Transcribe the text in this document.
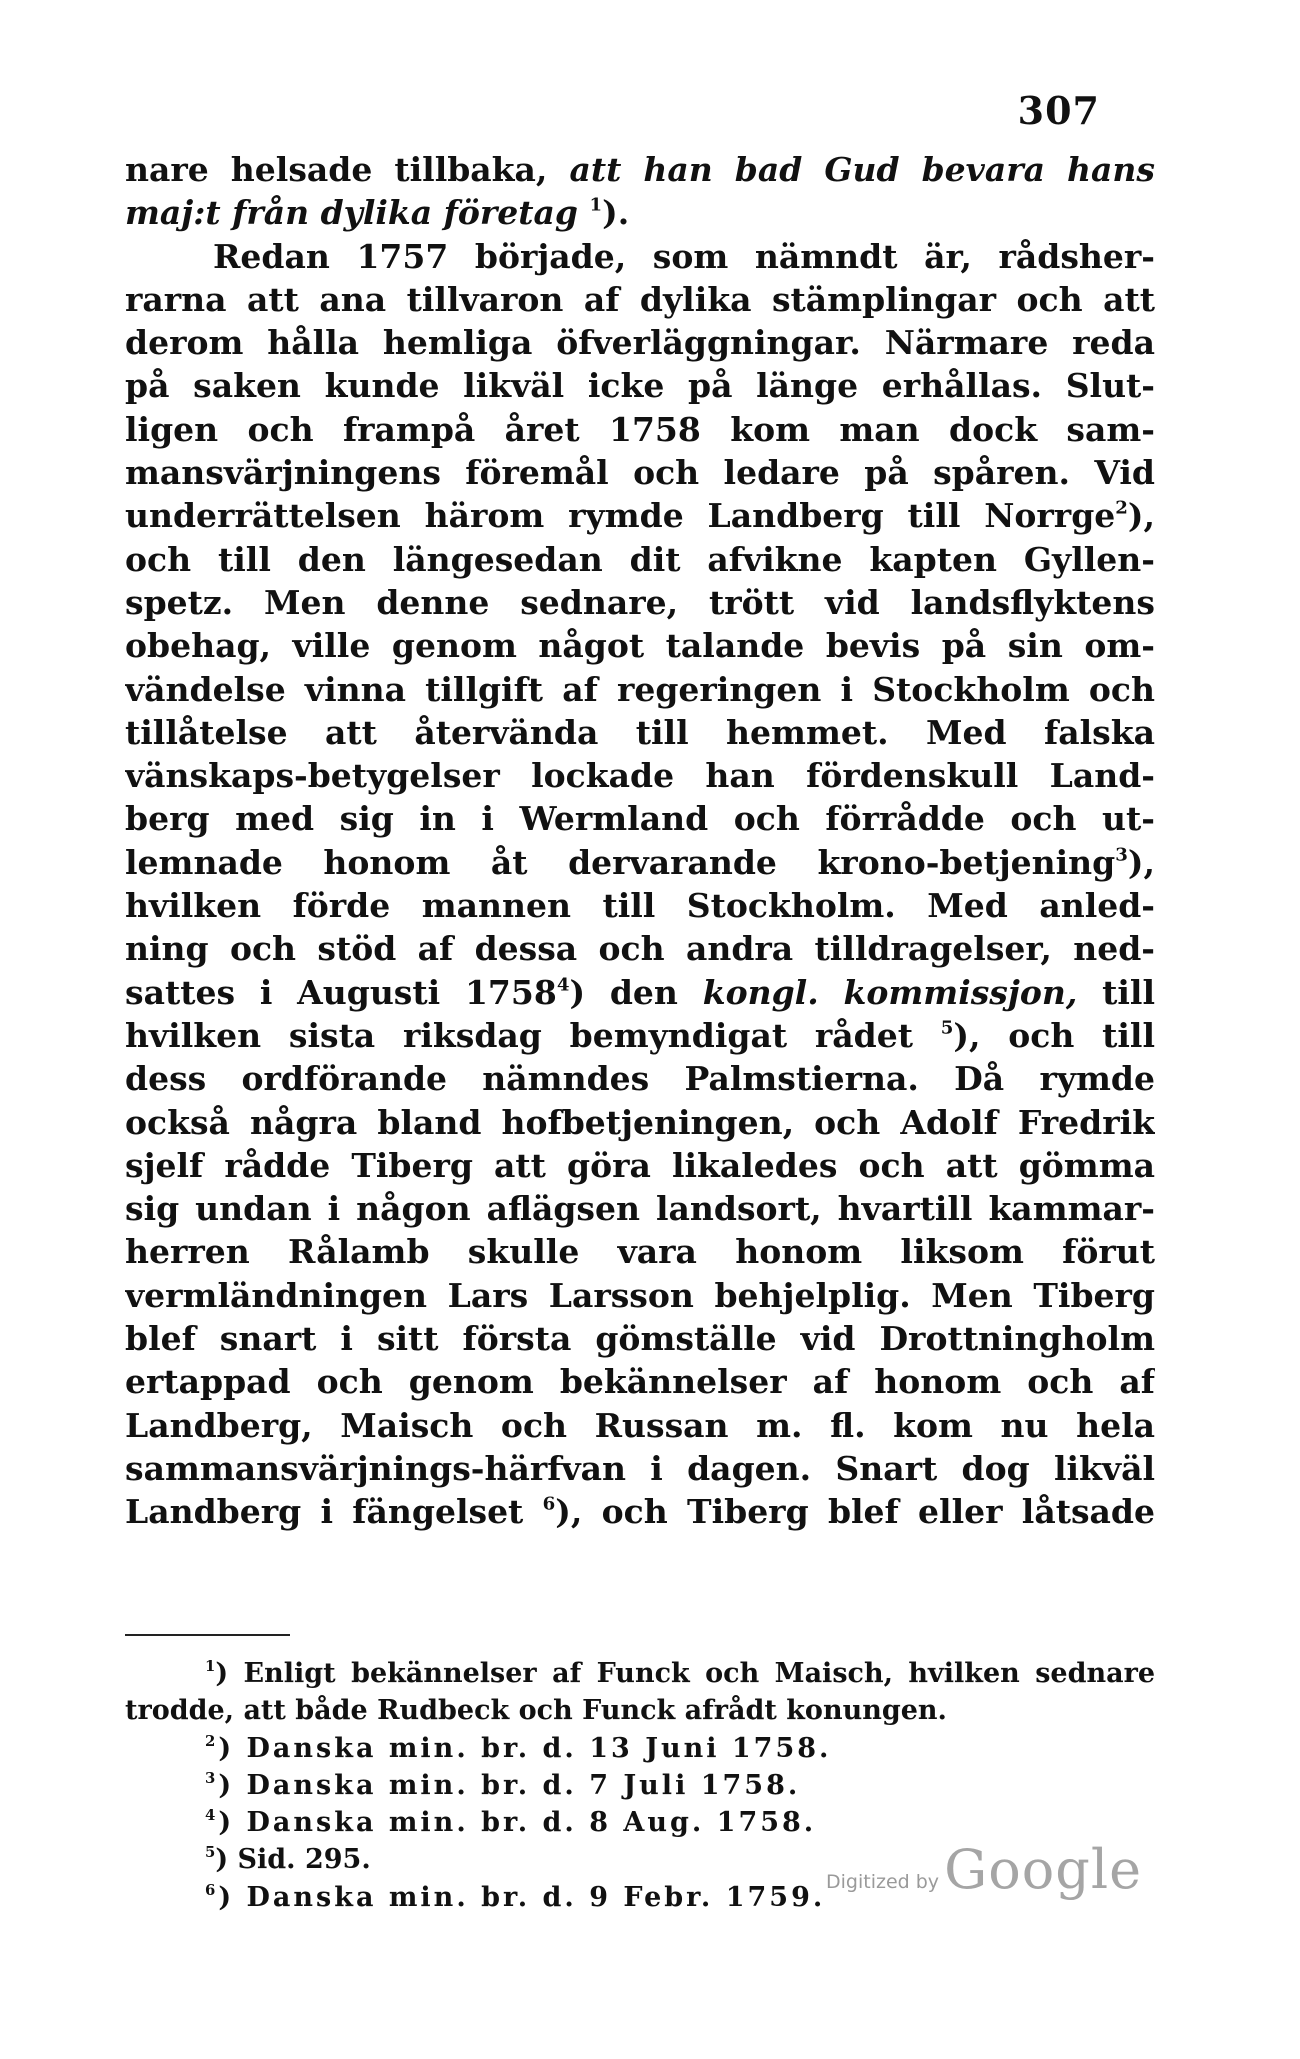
307
nare helsade tillbaka, att han bad Gud bevara hans
maj:t från dylika företag $^1$).
Redan 1757 började, som nämndt är, rådsher-
rarna att ana tillvaron af dylika stämplingar och att
derom hålla hemliga öfverläggningar. Närmare reda
på saken kunde likväl icke på länge erhållas. Slut-
ligen och frampå året 1758 kom man dock sam-
mansvärjningens föremål och ledare på spåren. Vid
underrättelsen härom rymde Landberg till Norrge$^2$),
och till den längesedan dit afvikne kapten Gyllen-
spetz. Men denne sednare, trött vid landsflyktens
obehag, ville genom något talande bevis på sin om-
vändelse vinna tillgift af regeringen i Stockholm och
tillåtelse att återvända till hemmet. Med falska
vänskaps-betygelser lockade han fördenskull Land-
berg med sig in i Wermland och förrådde och ut-
lemnade honom åt dervarande krono-betjening$^3$),
hvilken förde mannen till Stockholm. Med anled-
ning och stöd af dessa och andra tilldragelser, ned-
sattes i Augusti 1758$^4$) den kongl. kommissjon, till
hvilken sista riksdag bemyndigat rådet $^5$), och till
dess ordförande nämndes Palmstierna. Då rymde
också några bland hofbetjeningen, och Adolf Fredrik
sjelf rådde Tiberg att göra likaledes och att gömma
sig undan i någon aflägsen landsort, hvartill kammar-
herren Rålamb skulle vara honom liksom förut
vermländningen Lars Larsson behjelplig. Men Tiberg
blef snart i sitt första gömställe vid Drottningholm
ertappad och genom bekännelser af honom och af
Landberg, Maisch och Russan m. fl. kom nu hela
sammansvärjnings-härfvan i dagen. Snart dog likväl
Landberg i fängelset $^6$), och Tiberg blef eller låtsade
$^1$) Enligt bekännelser af Funck och Maisch, hvilken sednare
trodde, att både Rudbeck och Funck afrådt konungen.
$^2$) Danska min. br. d. 13 Juni 1758.
$^3$) Danska min. br. d. 7 Juli 1758.
$^4$) Danska min. br. d. 8 Aug. 1758.
$^5$) Sid. 295.
$^6$) Danska min. br. d. 9 Febr. 1759. Digitized by Google
